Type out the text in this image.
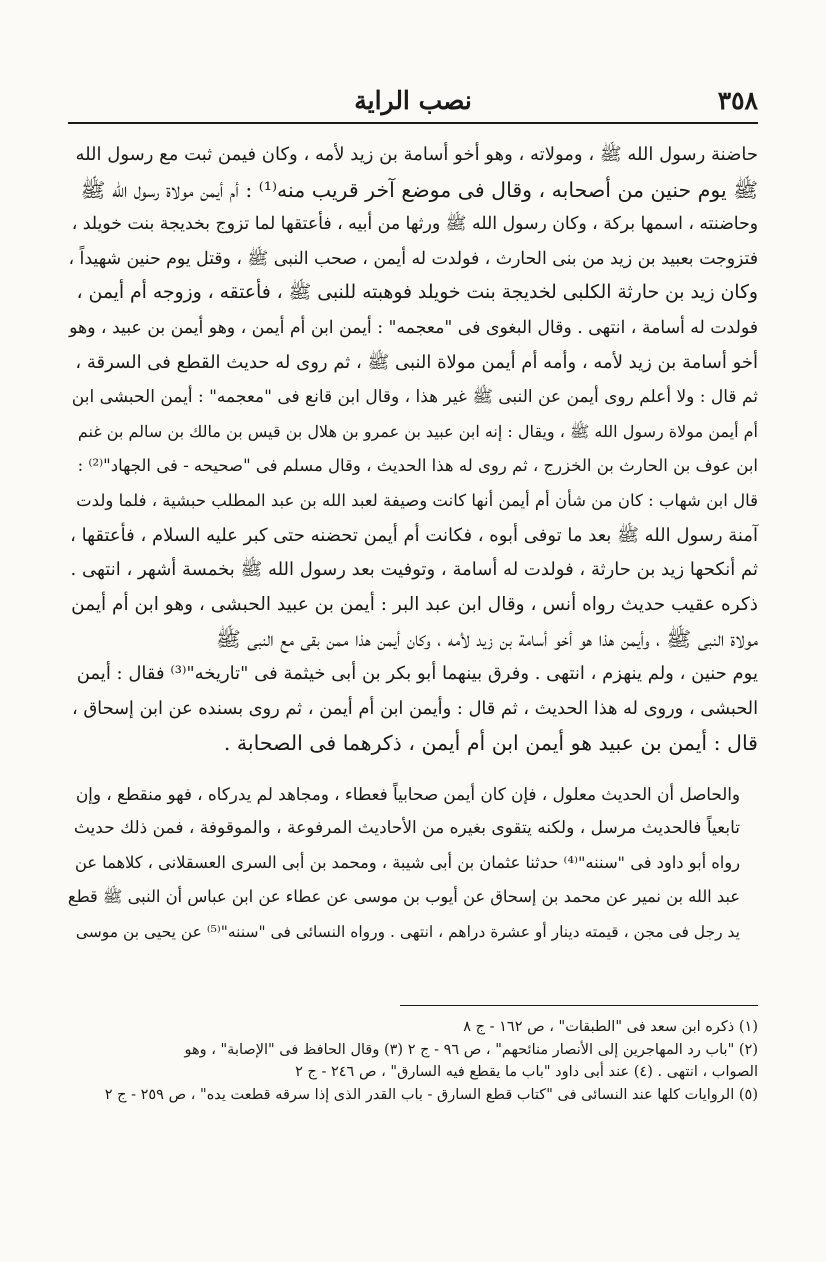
٣٥٨
نصب الراية

حاضنة رسول الله ﷺ ، ومولاته ، وهو أخو أسامة بن زيد لأمه ، وكان فيمن ثبت مع رسول الله
ﷺ يوم حنين من أصحابه ، وقال فى موضع آخر قريب منه⁽¹⁾ : أم أيمن مولاة رسول الله ﷺ
وحاضنته ، اسمها بركة ، وكان رسول الله ﷺ ورثها من أبيه ، فأعتقها لما تزوج بخديجة بنت خويلد ،
فتزوجت بعبيد بن زيد من بنى الحارث ، فولدت له أيمن ، صحب النبى ﷺ ، وقتل يوم حنين شهيداً ،
وكان زيد بن حارثة الكلبى لخديجة بنت خويلد فوهبته للنبى ﷺ ، فأعتقه ، وزوجه أم أيمن ،
فولدت له أسامة ، انتهى . وقال البغوى فى "معجمه" : أيمن ابن أم أيمن ، وهو أيمن بن عبيد ، وهو
أخو أسامة بن زيد لأمه ، وأمه أم أيمن مولاة النبى ﷺ ، ثم روى له حديث القطع فى السرقة ،
ثم قال : ولا أعلم روى أيمن عن النبى ﷺ غير هذا ، وقال ابن قانع فى "معجمه" : أيمن الحبشى ابن
أم أيمن مولاة رسول الله ﷺ ، ويقال : إنه ابن عبيد بن عمرو بن هلال بن قيس بن مالك بن سالم بن غنم
ابن عوف بن الحارث بن الخزرج ، ثم روى له هذا الحديث ، وقال مسلم فى "صحيحه - فى الجهاد"⁽²⁾ :
قال ابن شهاب : كان من شأن أم أيمن أنها كانت وصيفة لعبد الله بن عبد المطلب حبشية ، فلما ولدت
آمنة رسول الله ﷺ بعد ما توفى أبوه ، فكانت أم أيمن تحضنه حتى كبر عليه السلام ، فأعتقها ،
ثم أنكحها زيد بن حارثة ، فولدت له أسامة ، وتوفيت بعد رسول الله ﷺ بخمسة أشهر ، انتهى .
ذكره عقيب حديث رواه أنس ، وقال ابن عبد البر : أيمن بن عبيد الحبشى ، وهو ابن أم أيمن
مولاة النبى ﷺ ، وأيمن هذا هو أخو أسامة بن زيد لأمه ، وكان أيمن هذا ممن بقى مع النبى ﷺ
يوم حنين ، ولم ينهزم ، انتهى . وفرق بينهما أبو بكر بن أبى خيثمة فى "تاريخه"⁽³⁾ فقال : أيمن
الحبشى ، وروى له هذا الحديث ، ثم قال : وأيمن ابن أم أيمن ، ثم روى بسنده عن ابن إسحاق ،
قال : أيمن بن عبيد هو أيمن ابن أم أيمن ، ذكرهما فى الصحابة .

والحاصل أن الحديث معلول ، فإن كان أيمن صحابياً فعطاء ، ومجاهد لم يدركاه ، فهو منقطع ، وإن
تابعياً فالحديث مرسل ، ولكنه يتقوى بغيره من الأحاديث المرفوعة ، والموقوفة ، فمن ذلك حديث
رواه أبو داود فى "سننه"⁽⁴⁾ حدثنا عثمان بن أبى شيبة ، ومحمد بن أبى السرى العسقلانى ، كلاهما عن
عبد الله بن نمير عن محمد بن إسحاق عن أيوب بن موسى عن عطاء عن ابن عباس أن النبى ﷺ قطع
يد رجل فى مجن ، قيمته دينار أو عشرة دراهم ، انتهى . ورواه النسائى فى "سننه"⁽⁵⁾ عن يحيى بن موسى

(١) ذكره ابن سعد فى "الطبقات" ، ص ١٦٢ - ج ٨
(٢) "باب رد المهاجرين إلى الأنصار منائحهم" ، ص ٩٦ - ج ٢ (٣) وقال الحافظ فى "الإصابة" ، وهو
الصواب ، انتهى . (٤) عند أبى داود "باب ما يقطع فيه السارق" ، ص ٢٤٦ - ج ٢
(٥) الروايات كلها عند النسائى فى "كتاب قطع السارق - باب القدر الذى إذا سرقه قطعت يده" ، ص ٢٥٩ - ج ٢
